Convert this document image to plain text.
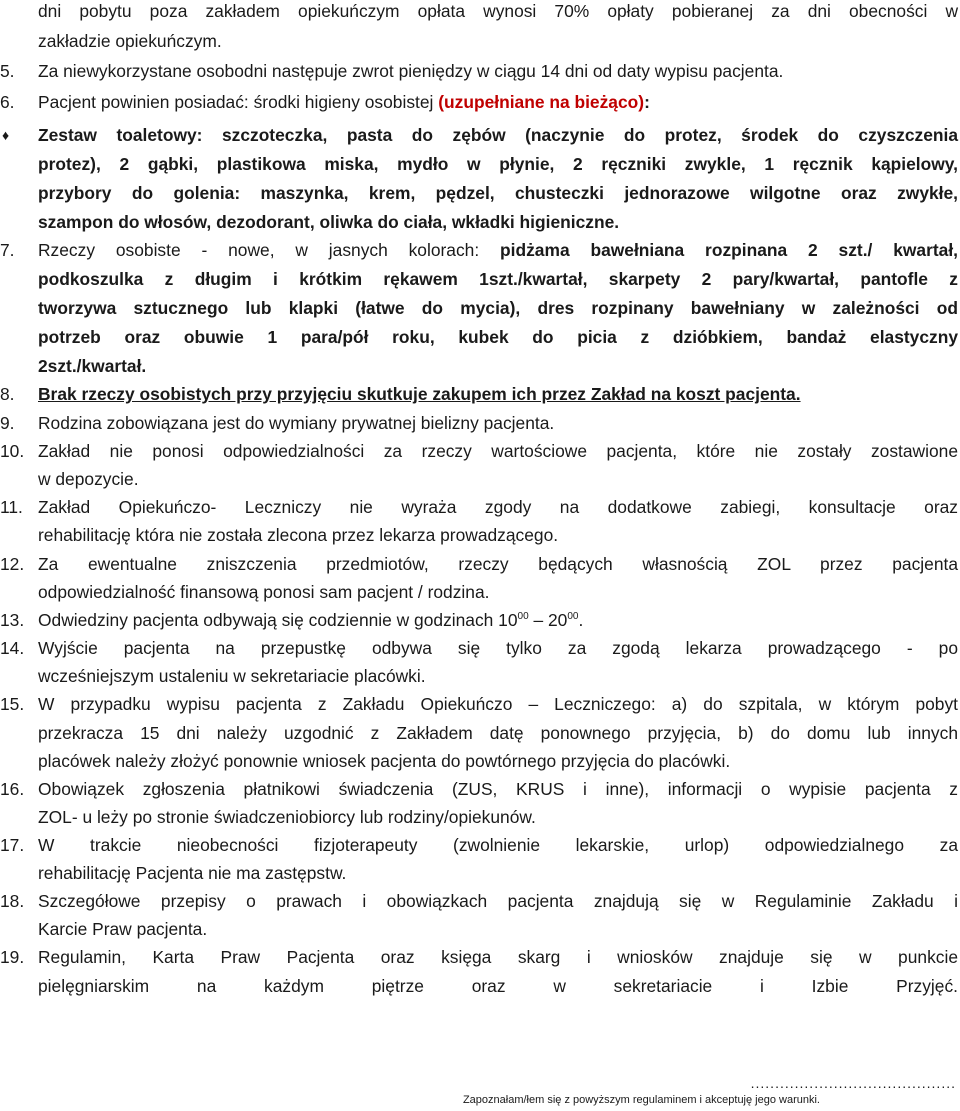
dni pobytu poza zakładem opiekuńczym opłata wynosi 70% opłaty pobieranej za dni obecności w
zakładzie opiekuńczym.
5. Za niewykorzystane osobodni następuje zwrot pieniędzy w ciągu 14 dni od daty wypisu pacjenta.
6. Pacjent powinien posiadać: środki higieny osobistej (uzupełniane na bieżąco):
♦ Zestaw toaletowy: szczoteczka, pasta do zębów (naczynie do protez, środek do czyszczenia
protez), 2 gąbki, plastikowa miska, mydło w płynie, 2 ręczniki zwykle, 1 ręcznik kąpielowy,
przybory do golenia: maszynka, krem, pędzel, chusteczki jednorazowe wilgotne oraz zwykłe,
szampon do włosów, dezodorant, oliwka do ciała, wkładki higieniczne.
7. Rzeczy osobiste - nowe, w jasnych kolorach: pidżama bawełniana rozpinana 2 szt./ kwartał,
podkoszulka z długim i krótkim rękawem 1szt./kwartał, skarpety 2 pary/kwartał, pantofle z
tworzywa sztucznego lub klapki (łatwe do mycia), dres rozpinany bawełniany w zależności od
potrzeb oraz obuwie 1 para/pół roku, kubek do picia z dzióbkiem, bandaż elastyczny
2szt./kwartał.
8. Brak rzeczy osobistych przy przyjęciu skutkuje zakupem ich przez Zakład na koszt pacjenta.
9. Rodzina zobowiązana jest do wymiany prywatnej bielizny pacjenta.
10. Zakład nie ponosi odpowiedzialności za rzeczy wartościowe pacjenta, które nie zostały zostawione
w depozycie.
11. Zakład Opiekuńczo- Leczniczy nie wyraża zgody na dodatkowe zabiegi, konsultacje oraz
rehabilitację która nie została zlecona przez lekarza prowadzącego.
12. Za ewentualne zniszczenia przedmiotów, rzeczy będących własnością ZOL przez pacjenta
odpowiedzialność finansową ponosi sam pacjent / rodzina.
13. Odwiedziny pacjenta odbywają się codziennie w godzinach $10^{00} - 20^{00}$.
14. Wyjście pacjenta na przepustkę odbywa się tylko za zgodą lekarza prowadzącego - po
wcześniejszym ustaleniu w sekretariacie placówki.
15. W przypadku wypisu pacjenta z Zakładu Opiekuńczo – Leczniczego: a) do szpitala, w którym pobyt
przekracza 15 dni należy uzgodnić z Zakładem datę ponownego przyjęcia, b) do domu lub innych
placówek należy złożyć ponownie wniosek pacjenta do powtórnego przyjęcia do placówki.
16. Obowiązek zgłoszenia płatnikowi świadczenia (ZUS, KRUS i inne), informacji o wypisie pacjenta z
ZOL- u leży po stronie świadczeniobiorcy lub rodziny/opiekunów.
17. W trakcie nieobecności fizjoterapeuty (zwolnienie lekarskie, urlop) odpowiedzialnego za
rehabilitację Pacjenta nie ma zastępstw.
18. Szczegółowe przepisy o prawach i obowiązkach pacjenta znajdują się w Regulaminie Zakładu i
Karcie Praw pacjenta.
19. Regulamin, Karta Praw Pacjenta oraz księga skarg i wniosków znajduje się w punkcie
pielęgniarskim na każdym piętrze oraz w sekretariacie i Izbie Przyjęć.
..........................................
Zapoznałam/łem się z powyższym regulaminem i akceptuję jego warunki.
